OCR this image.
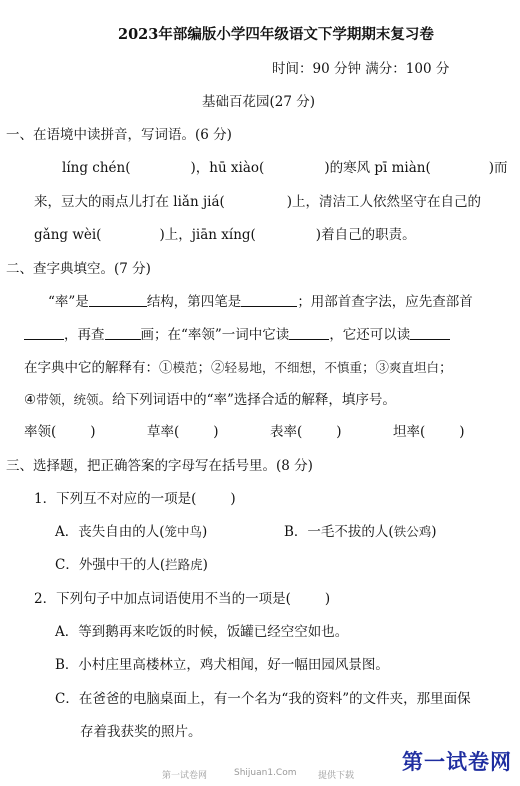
2023年部编版小学四年级语文下学期期末复习卷
时间：90 分钟 满分：100 分
基础百花园(27 分)
一、在语境中读拼音，写词语。(6 分)
líng chén(	)，hū xiào(	)的寒风 pī miàn(	)而
来，豆大的雨点儿打在 liǎn jiá(	)上，清洁工人依然坚守在自己的
gǎng wèi(	)上，jiān xíng(	)着自己的职责。
二、查字典填空。(7 分)
“率”是	结构，第四笔是	；用部首查字法，应先查部首
，再查	画；在“率领”一词中它读	，它还可以读
在字典中它的解释有：①模范；②轻易地，不细想，不慎重；③爽直坦白；
④带领，统领。给下列词语中的“率”选择合适的解释，填序号。
率领(	)	草率(	)	表率(	)	坦率(	)
三、选择题，把正确答案的字母写在括号里。(8 分)
1．下列互不对应的一项是(	)
A．丧失自由的人(笼中鸟)	B．一毛不拔的人(铁公鸡)
C．外强中干的人(拦路虎)
2．下列句子中加点词语使用不当的一项是(	)
A．等到鹅再来吃饭的时候，饭罐已经空空如也。
B．小村庄里高楼林立，鸡犬相闻，好一幅田园风景图。
C．在爸爸的电脑桌面上，有一个名为“我的资料”的文件夹，那里面保
存着我获奖的照片。
第一试卷网	Shijuan1.Com 提供下载
第一试卷网
